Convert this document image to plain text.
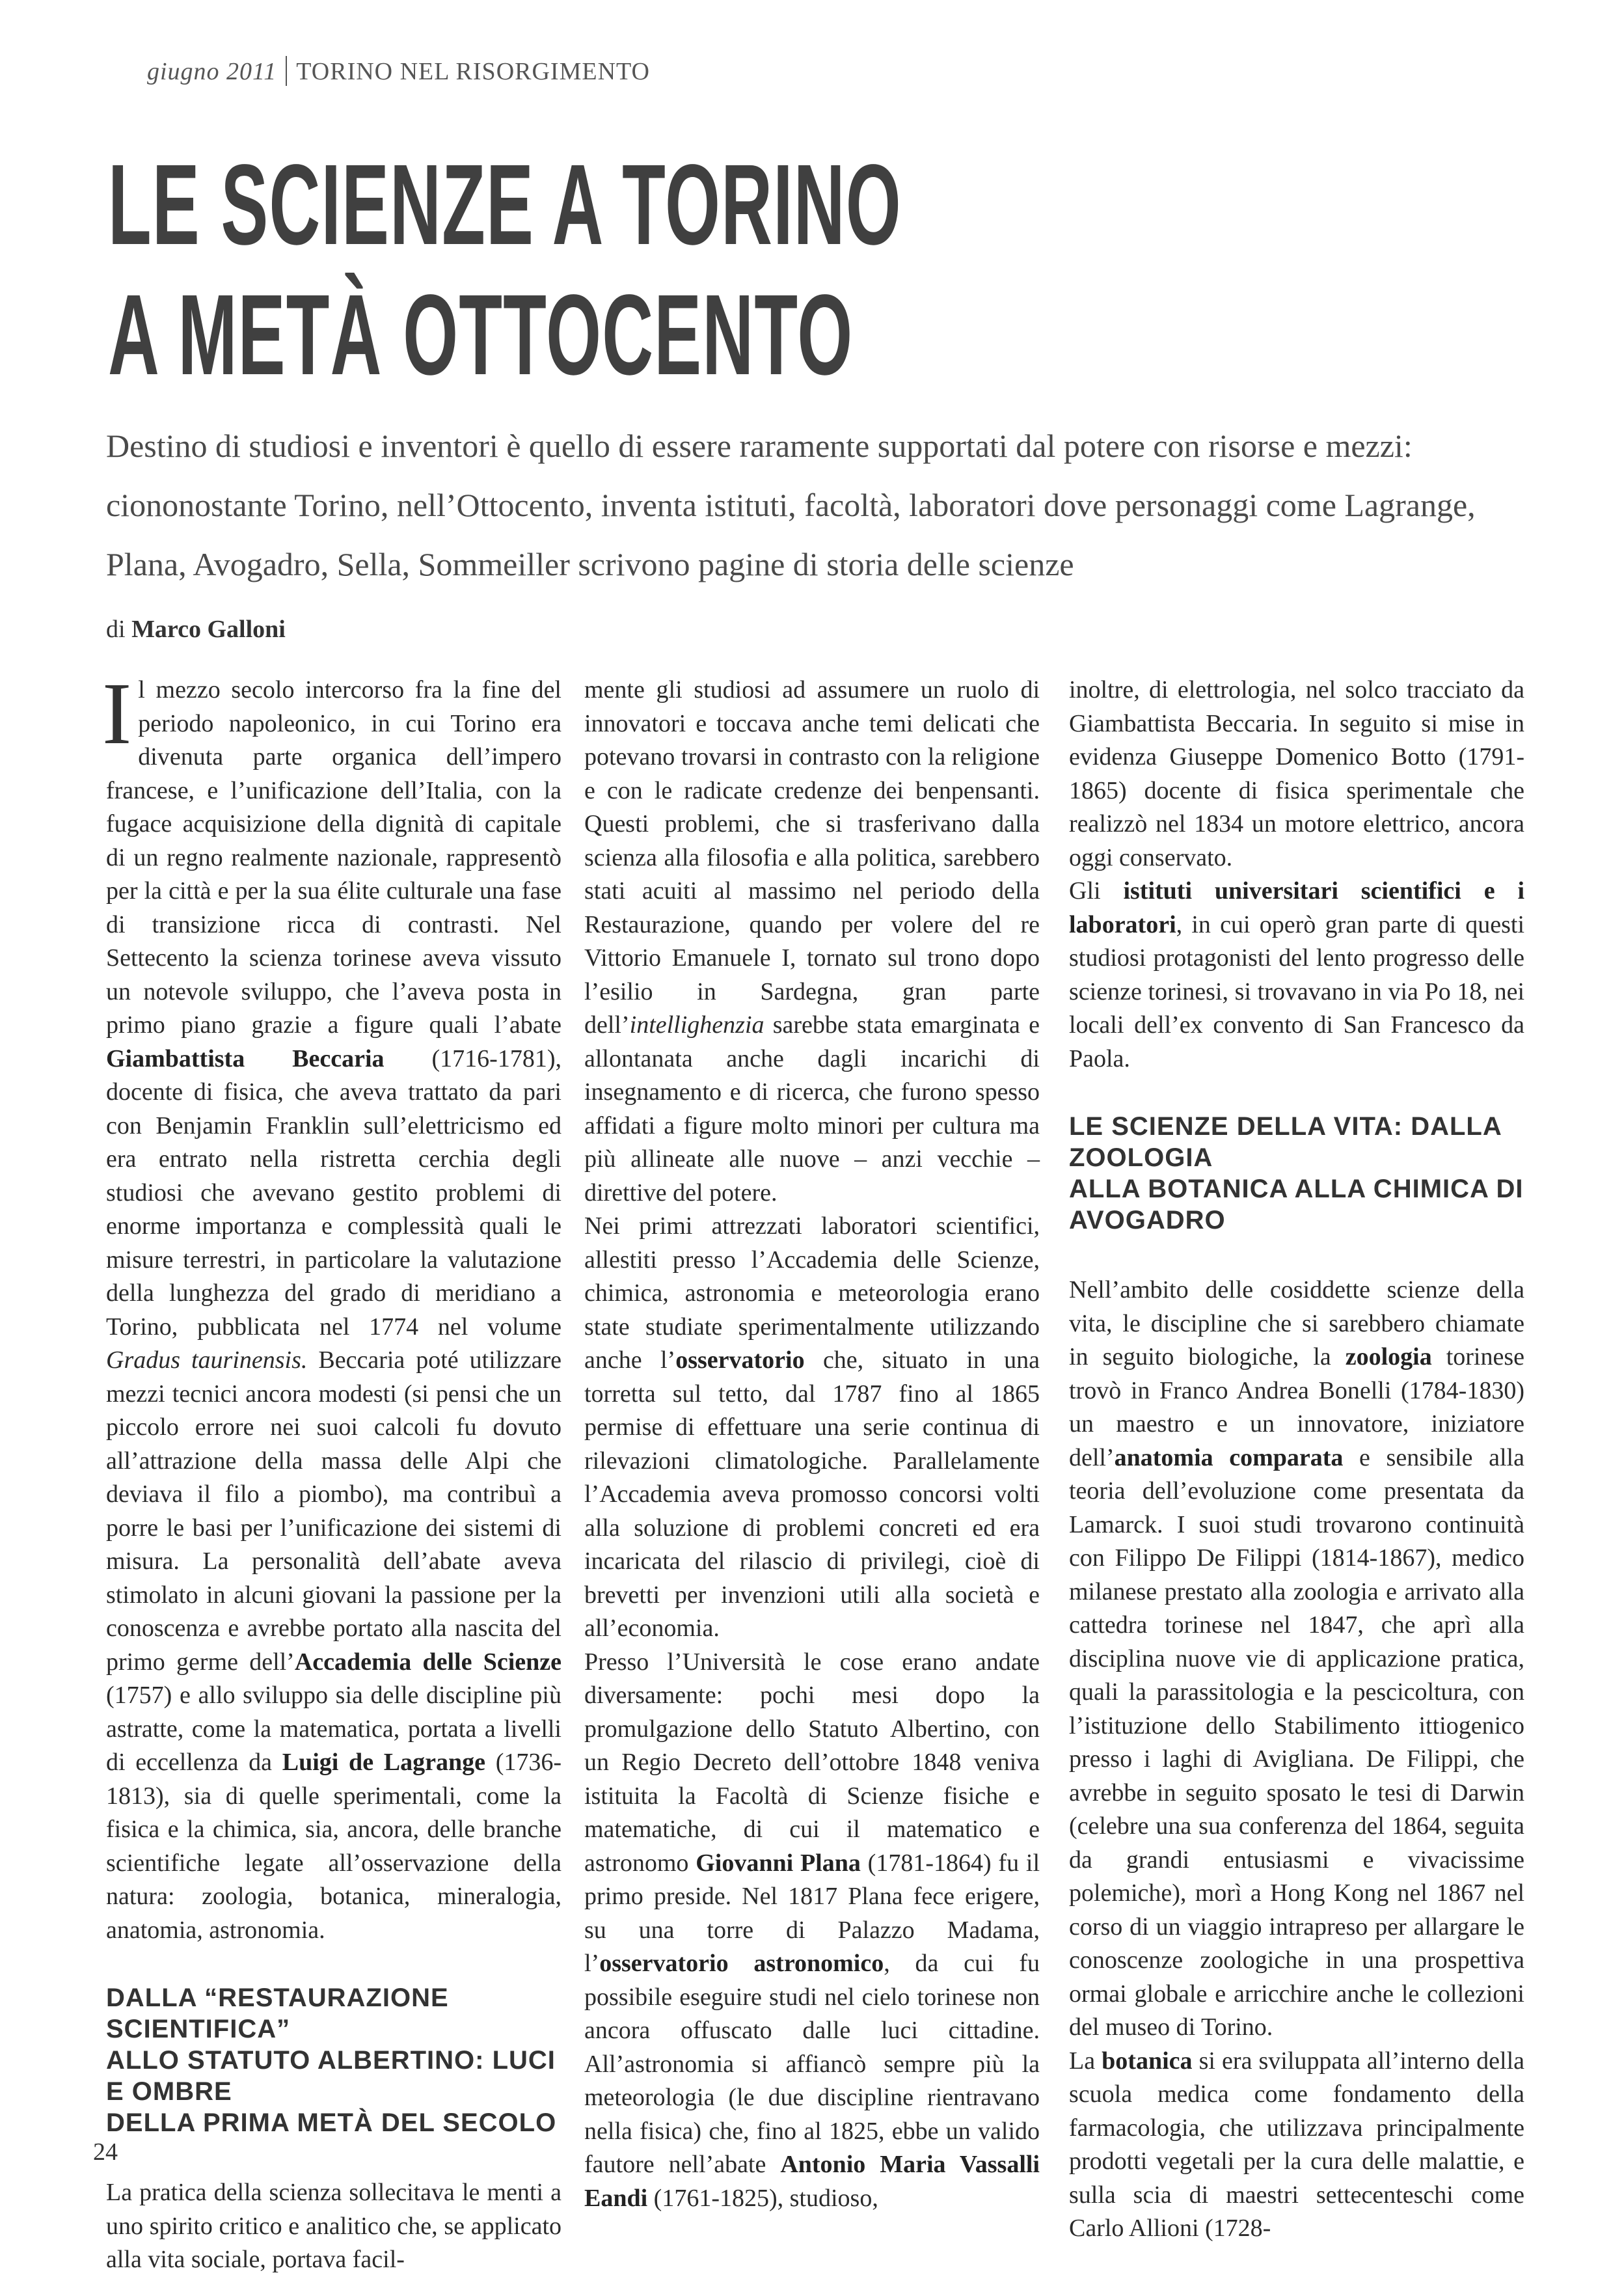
giugno 2011 TORINO NEL RISORGIMENTO
LE SCIENZE A TORINO
A METÀ OTTOCENTO

Destino di studiosi e inventori è quello di essere raramente supportati dal potere con risorse e mezzi: ciononostante Torino, nell’Ottocento, inventa istituti, facoltà, laboratori dove personaggi come Lagrange, Plana, Avogadro, Sella, Sommeiller scrivono pagine di storia delle scienze

di Marco Galloni

Il mezzo secolo intercorso fra la fine del periodo napoleonico, in cui Torino era divenuta parte organica dell’impero francese, e l’unificazione dell’Italia, con la fugace acquisizione della dignità di capitale di un regno realmente nazionale, rappresentò per la città e per la sua élite culturale una fase di transizione ricca di contrasti. Nel Settecento la scienza torinese aveva vissuto un notevole sviluppo, che l’aveva posta in primo piano grazie a figure quali l’abate Giambattista Beccaria (1716-1781), docente di fisica, che aveva trattato da pari con Benjamin Franklin sull’elettricismo ed era entrato nella ristretta cerchia degli studiosi che avevano gestito problemi di enorme importanza e complessità quali le misure terrestri, in particolare la valutazione della lunghezza del grado di meridiano a Torino, pubblicata nel 1774 nel volume Gradus taurinensis. Beccaria poté utilizzare mezzi tecnici ancora modesti (si pensi che un piccolo errore nei suoi calcoli fu dovuto all’attrazione della massa delle Alpi che deviava il filo a piombo), ma contribuì a porre le basi per l’unificazione dei sistemi di misura. La personalità dell’abate aveva stimolato in alcuni giovani la passione per la conoscenza e avrebbe portato alla nascita del primo germe dell’Accademia delle Scienze (1757) e allo sviluppo sia delle discipline più astratte, come la matematica, portata a livelli di eccellenza da Luigi de Lagrange (1736-1813), sia di quelle sperimentali, come la fisica e la chimica, sia, ancora, delle branche scientifiche legate all’osservazione della natura: zoologia, botanica, mineralogia, anatomia, astronomia.

DALLA “RESTAURAZIONE SCIENTIFICA”
ALLO STATUTO ALBERTINO: LUCI E OMBRE
DELLA PRIMA METÀ DEL SECOLO

La pratica della scienza sollecitava le menti a uno spirito critico e analitico che, se applicato alla vita sociale, portava facil-

mente gli studiosi ad assumere un ruolo di innovatori e toccava anche temi delicati che potevano trovarsi in contrasto con la religione e con le radicate credenze dei benpensanti. Questi problemi, che si trasferivano dalla scienza alla filosofia e alla politica, sarebbero stati acuiti al massimo nel periodo della Restaurazione, quando per volere del re Vittorio Emanuele I, tornato sul trono dopo l’esilio in Sardegna, gran parte dell’intellighenzia sarebbe stata emarginata e allontanata anche dagli incarichi di insegnamento e di ricerca, che furono spesso affidati a figure molto minori per cultura ma più allineate alle nuove – anzi vecchie – direttive del potere.

Nei primi attrezzati laboratori scientifici, allestiti presso l’Accademia delle Scienze, chimica, astronomia e meteorologia erano state studiate sperimentalmente utilizzando anche l’osservatorio che, situato in una torretta sul tetto, dal 1787 fino al 1865 permise di effettuare una serie continua di rilevazioni climatologiche. Parallelamente l’Accademia aveva promosso concorsi volti alla soluzione di problemi concreti ed era incaricata del rilascio di privilegi, cioè di brevetti per invenzioni utili alla società e all’economia.

Presso l’Università le cose erano andate diversamente: pochi mesi dopo la promulgazione dello Statuto Albertino, con un Regio Decreto dell’ottobre 1848 veniva istituita la Facoltà di Scienze fisiche e matematiche, di cui il matematico e astronomo Giovanni Plana (1781-1864) fu il primo preside. Nel 1817 Plana fece erigere, su una torre di Palazzo Madama, l’osservatorio astronomico, da cui fu possibile eseguire studi nel cielo torinese non ancora offuscato dalle luci cittadine. All’astronomia si affiancò sempre più la meteorologia (le due discipline rientravano nella fisica) che, fino al 1825, ebbe un valido fautore nell’abate Antonio Maria Vassalli Eandi (1761-1825), studioso,

inoltre, di elettrologia, nel solco tracciato da Giambattista Beccaria. In seguito si mise in evidenza Giuseppe Domenico Botto (1791-1865) docente di fisica sperimentale che realizzò nel 1834 un motore elettrico, ancora oggi conservato.

Gli istituti universitari scientifici e i laboratori, in cui operò gran parte di questi studiosi protagonisti del lento progresso delle scienze torinesi, si trovavano in via Po 18, nei locali dell’ex convento di San Francesco da Paola.

LE SCIENZE DELLA VITA: DALLA ZOOLOGIA
ALLA BOTANICA ALLA CHIMICA DI AVOGADRO

Nell’ambito delle cosiddette scienze della vita, le discipline che si sarebbero chiamate in seguito biologiche, la zoologia torinese trovò in Franco Andrea Bonelli (1784-1830) un maestro e un innovatore, iniziatore dell’anatomia comparata e sensibile alla teoria dell’evoluzione come presentata da Lamarck. I suoi studi trovarono continuità con Filippo De Filippi (1814-1867), medico milanese prestato alla zoologia e arrivato alla cattedra torinese nel 1847, che aprì alla disciplina nuove vie di applicazione pratica, quali la parassitologia e la pescicoltura, con l’istituzione dello Stabilimento ittiogenico presso i laghi di Avigliana. De Filippi, che avrebbe in seguito sposato le tesi di Darwin (celebre una sua conferenza del 1864, seguita da grandi entusiasmi e vivacissime polemiche), morì a Hong Kong nel 1867 nel corso di un viaggio intrapreso per allargare le conoscenze zoologiche in una prospettiva ormai globale e arricchire anche le collezioni del museo di Torino.

La botanica si era sviluppata all’interno della scuola medica come fondamento della farmacologia, che utilizzava principalmente prodotti vegetali per la cura delle malattie, e sulla scia di maestri settecenteschi come Carlo Allioni (1728-

24
